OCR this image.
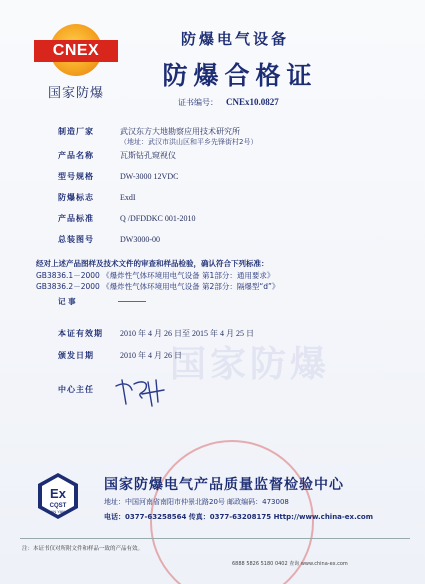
CNEX
国家防爆
防爆电气设备
防爆合格证
证书编号： CNEx10.0827
制造厂家	武汉东方大地勘察应用技术研究所
（地址：武汉市洪山区和平乡先锋街村2号）
产品名称	瓦斯钻孔窥视仪
型号规格	DW-3000 12VDC
防爆标志	ExdI
产品标准	Q /DFDDKC 001-2010
总装图号	DW3000-00
经对上述产品图样及技术文件的审查和样品检验，确认符合下列标准：
GB3836.1－2000 《爆炸性气体环境用电气设备 第1部分：通用要求》
GB3836.2－2000 《爆炸性气体环境用电气设备 第2部分：隔爆型“d”》
记 事
国家防爆
本证有效期 2010 年 4 月 26 日至 2015 年 4 月 25 日
颁发日期	2010 年 4 月 26 日
中心主任
Ex
CQST
NAN YANG
国家防爆电气产品质量监督检验中心
地址：中国河南省南阳市仲景北路20号 邮政编码：473008
电话：0377-63258564 传真：0377-63208175 Http://www.china-ex.com
注：本证书仅对所附文件和样品一致的产品有效。
6888 5826 5180 0402 查询 www.china-ex.com
